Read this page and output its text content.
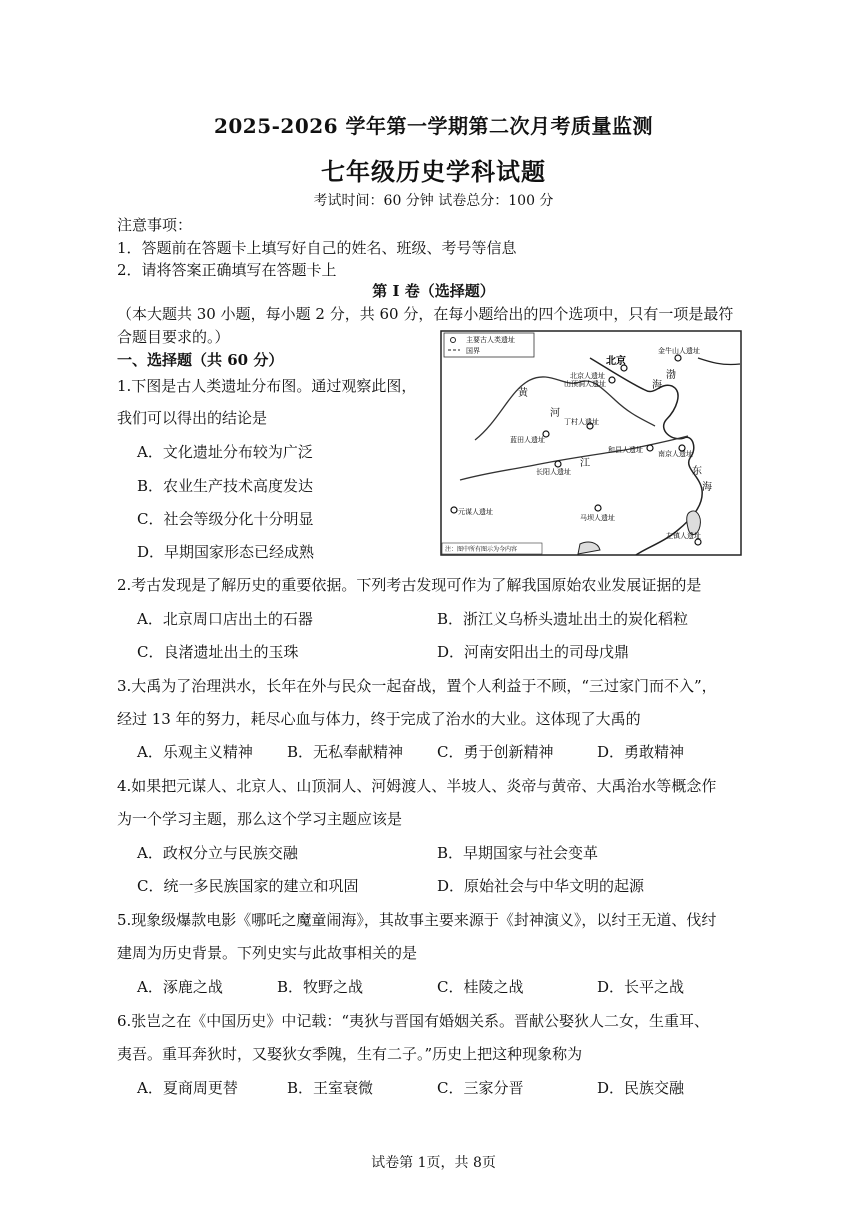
2025-2026 学年第一学期第二次月考质量监测
七年级历史学科试题
考试时间：60 分钟 试卷总分：100 分
注意事项：
1．答题前在答题卡上填写好自己的姓名、班级、考号等信息
2．请将答案正确填写在答题卡上
第 I 卷（选择题）
（本大题共 30 小题，每小题 2 分，共 60 分，在每小题给出的四个选项中，只有一项是最符
合题目要求的。）
一、选择题（共 60 分）
1.下图是古人类遗址分布图。通过观察此图，
我们可以得出的结论是
A．文化遗址分布较为广泛
B．农业生产技术高度发达
C．社会等级分化十分明显
D．早期国家形态已经成熟
主要古人类遗址
国界
北京
金牛山人遗址
北京人遗址
山顶洞人遗址
丁村人遗址
蓝田人遗址
和县人遗址 南京人遗址
长阳人遗址
元谋人遗址
马坝人遗址
左镇人遗址
渤
海
黄
河
江
东
海
注：图中所有图示为今内容
2.考古发现是了解历史的重要依据。下列考古发现可作为了解我国原始农业发展证据的是
A．北京周口店出土的石器	B．浙江义乌桥头遗址出土的炭化稻粒
C．良渚遗址出土的玉珠	D．河南安阳出土的司母戊鼎
3.大禹为了治理洪水，长年在外与民众一起奋战，置个人利益于不顾，“三过家门而不入”，
经过 13 年的努力，耗尽心血与体力，终于完成了治水的大业。这体现了大禹的
A．乐观主义精神 B．无私奉献精神 C．勇于创新精神	D．勇敢精神
4.如果把元谋人、北京人、山顶洞人、河姆渡人、半坡人、炎帝与黄帝、大禹治水等概念作
为一个学习主题，那么这个学习主题应该是
A．政权分立与民族交融	B．早期国家与社会变革
C．统一多民族国家的建立和巩固	D．原始社会与中华文明的起源
5.现象级爆款电影《哪吒之魔童闹海》，其故事主要来源于《封神演义》，以纣王无道、伐纣
建周为历史背景。下列史实与此故事相关的是
A．涿鹿之战	B．牧野之战	C．桂陵之战	D．长平之战
6.张岂之在《中国历史》中记载：“夷狄与晋国有婚姻关系。晋献公娶狄人二女，生重耳、
夷吾。重耳奔狄时，又娶狄女季隗，生有二子。”历史上把这种现象称为
A．夏商周更替	B．王室衰微	C．三家分晋	D．民族交融
试卷第 1页，共 8页
